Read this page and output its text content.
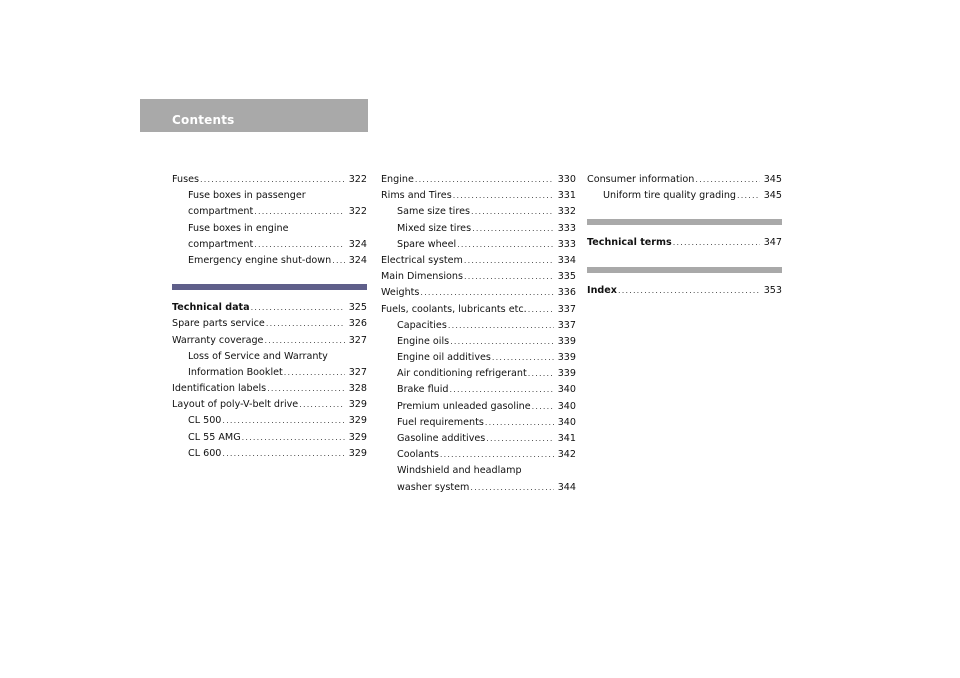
Contents
Fuses .....	322
Fuse boxes in passenger
compartment .....	322
Fuse boxes in engine
compartment .....	324
Emergency engine shut-down ..... 324
Technical data .....	325
Spare parts service .....	326
Warranty coverage .....	327
Loss of Service and Warranty
Information Booklet .....	327
Identification labels .....	328
Layout of poly-V-belt drive .....	329
CL 500 .....	329
CL 55 AMG .....	329
CL 600 .....	329
Engine .....	330
Rims and Tires .....	331
Same size tires .....	332
Mixed size tires .....	333
Spare wheel .....	333
Electrical system .....	334
Main Dimensions .....	335
Weights .....	336
Fuels, coolants, lubricants etc. .....	337
Capacities .....	337
Engine oils .....	339
Engine oil additives .....	339
Air conditioning refrigerant .....	339
Brake fluid .....	340
Premium unleaded gasoline .....	340
Fuel requirements .....	340
Gasoline additives .....	341
Coolants .....	342
Windshield and headlamp
washer system .....	344
Consumer information .....	345
Uniform tire quality grading .....	345
Technical terms .....	347
Index .....	353
